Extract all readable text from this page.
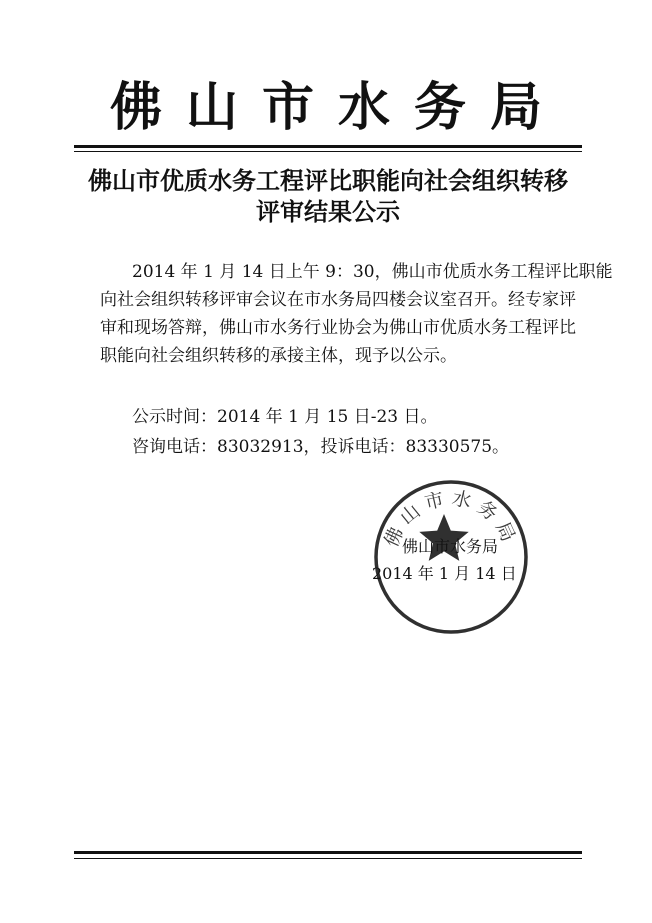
佛山市水务局
佛山市优质水务工程评比职能向社会组织转移
评审结果公示
2014 年 1 月 14 日上午 9：30，佛山市优质水务工程评比职能
向社会组织转移评审会议在市水务局四楼会议室召开。经专家评
审和现场答辩，佛山市水务行业协会为佛山市优质水务工程评比
职能向社会组织转移的承接主体，现予以公示。
公示时间：2014 年 1 月 15 日-23 日。
咨询电话：83032913，投诉电话：83330575。
佛山市水务局
佛山市水务局
2014 年 1 月 14 日
